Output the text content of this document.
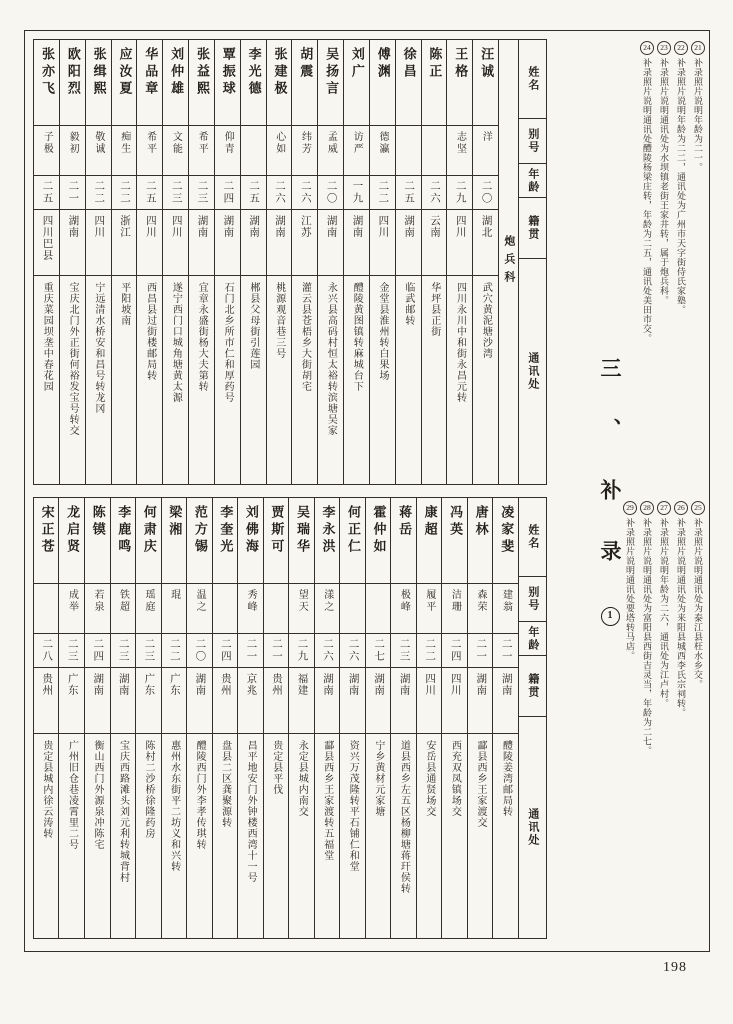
姓名
别号
年龄
籍贯
通讯处
炮兵科
汪诚
洋
二〇
湖北
武穴黄泥塘沙湾
王格
志坚
二九
四川
四川永川中和街永昌元转
陈正
二六
云南
华坪县正街
徐昌
二五
湖南
临武邮转
傅渊
德瀛
二二
四川
金堂县淮州转白果场
刘广
访严
一九
湖南
醴陵黄图镇转麻城台下
吴扬言
孟威
二〇
湖南
永兴县高码村恒太裕转滨塘吴家
胡震
纬芳
二六
江苏
灌云县苍梧乡大街胡宅
张建极
心如
二六
湖南
桃源观音巷三号
李光德
二五
湖南
郴县父母街引莲园
覃振球
仰青
二四
湖南
石门北乡所市仁和厚药号
张益熙
希平
二三
湖南
宜章永盛街杨大夫第转
刘仲雄
文能
二三
四川
遂宁西门口城角塘黄太源
华品章
希平
二五
四川
西昌县过街楼邮局转
应汝夏
痴生
二二
浙江
平阳坡南
张缉熙
敬诚
二二
四川
宁远清水桥安和昌号转龙冈
欧阳烈
毅初
二一
湖南
宝庆北门外正街何裕发宝号转交
张亦飞
子极
二五
四川巴县
重庆菜园坝垄中春花园
姓名
别号
年龄
籍贯
通讯处
凌家斐
建翁
二一
湖南
醴陵姜湾邮局转
唐林
森荣
二一
湖南
酃县西乡王家渡交
冯英
洁珊
二四
四川
西充双凤镇场交
康超
履平
二二
四川
安岳县通贤场交
蒋岳
极峰
二三
湖南
道县西乡左五区杨柳塘蒋玕侯转
霍仲如
二七
湖南
宁乡黄材元家塘
何正仁
二六
湖南
资兴万茂隆转平石铺仁和堂
李永洪
漾之
二六
湖南
酃县西乡王家渡转五福堂
吴瑞华
望天
二九
福建
永定县城内南交
贾斯可
二一
贵州
贵定县平伐
刘佛海
秀峰
二一
京兆
昌平地安门外钟楼西湾十一号
李奎光
二四
贵州
盘县二区龚聚源转
范方锡
温之
二〇
湖南
醴陵西门外李孝传琪转
梁湘
琨
二二
广东
惠州水东街平二坊义和兴转
何肃庆
瑶庭
二三
广东
陈村二沙桥徐隆药房
李鹿鸣
铁超
二三
湖南
宝庆西路滩头刘元利转城背村
陈镆
若泉
二四
湖南
衡山西门外源泉冲陈宅
龙启贤
成举
二三
广东
广州旧仓巷凌霄里二号
宋正苍
二八
贵州
贵定县城内徐云涛转
三、补录
1
21补录照片说明年龄为二一。
22补录照片说明年龄为二二，通讯处为广州市天字街侍氏家塾。
23补录照片说明通讯处为水坝镇老街王家井转，属于炮兵科。
24补录照片说明通讯处醴陵杨梁庄转，年龄为二五，通讯处美田市交。
25补录照片说明通讯处为泰江县枉水乡交。
26补录照片说明通讯处为来阳县城西李氏宗祠转。
27补录照片说明年龄为二六，通讯处为江卢村。
28补录照片说明通讯处为富阳县西街吉灵当，年龄为二七。
29补录照片说明通讯处要塔转马店。
198
